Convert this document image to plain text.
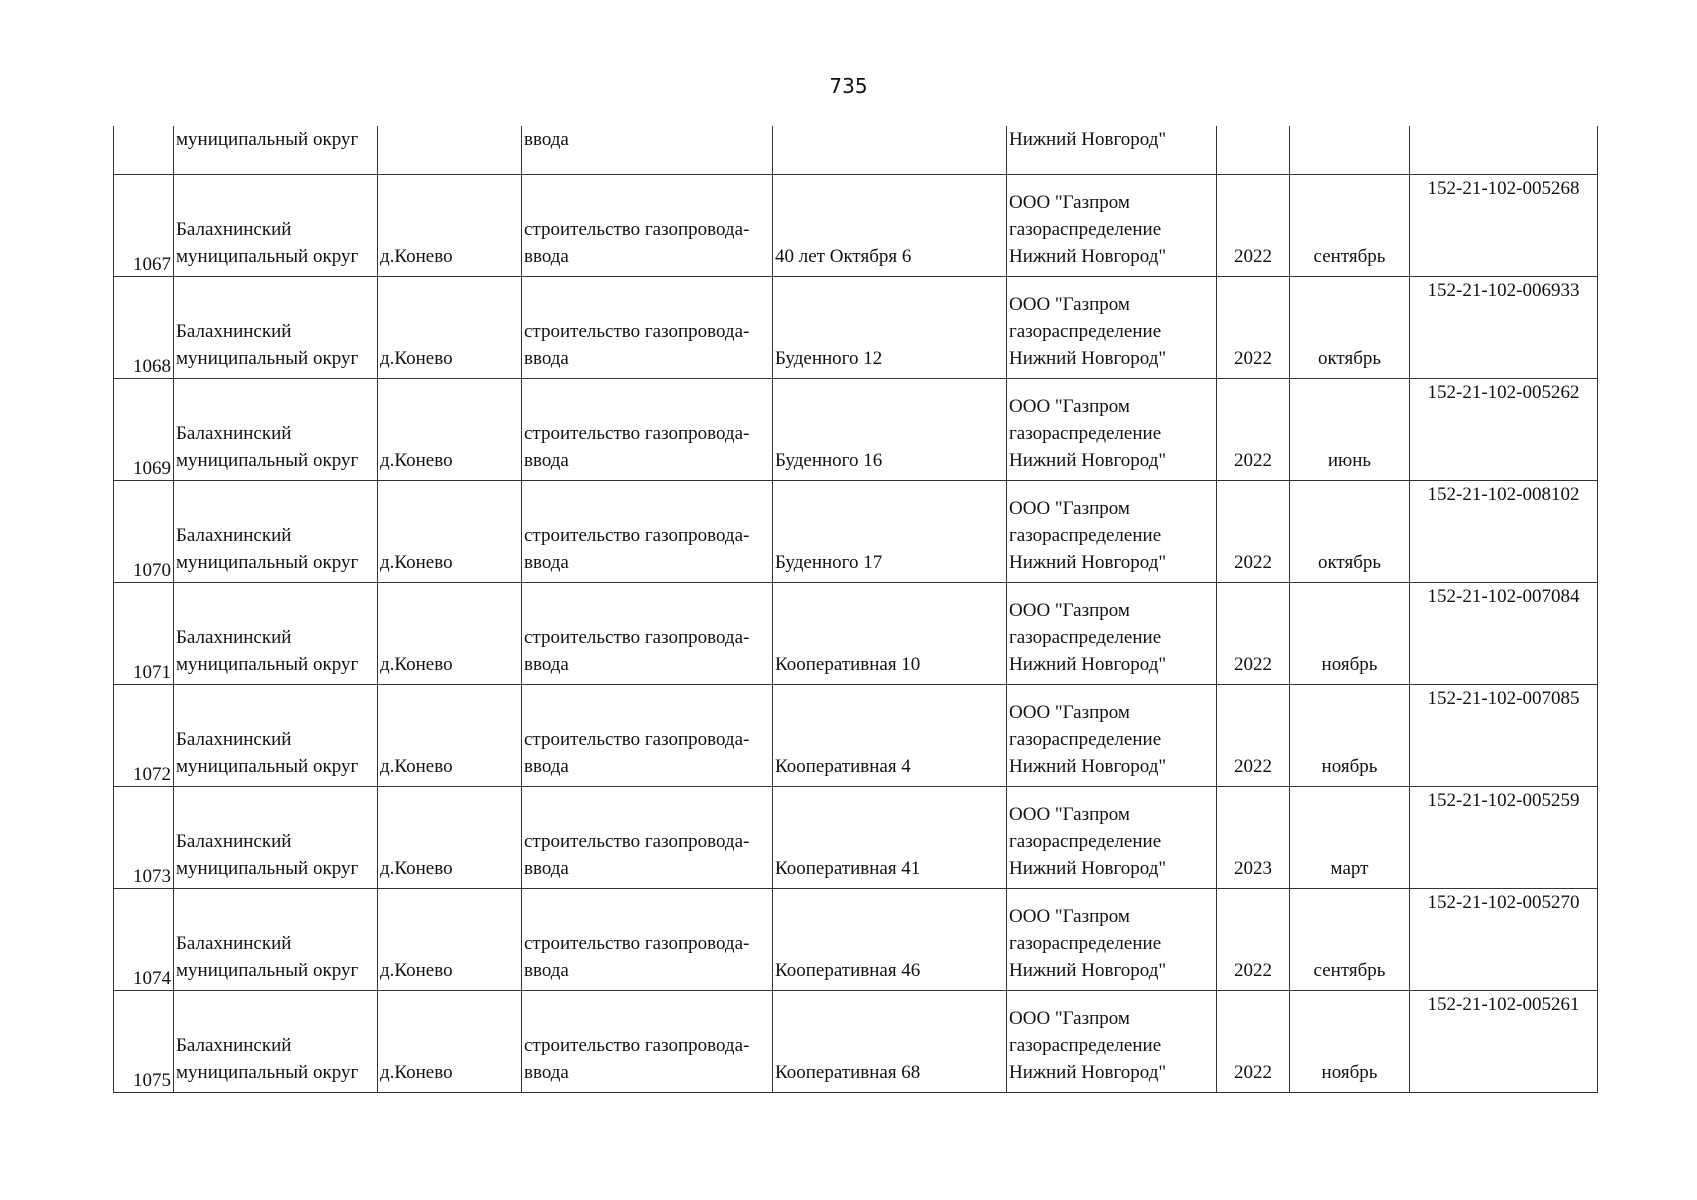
735
	муниципальный округ		ввода		Нижний Новгород"			

1067	Балахнинский
муниципальный округ	д.Конево	строительство газопровода-
ввода	40 лет Октября 6	ООО "Газпром
газораспределение
Нижний Новгород"	2022	сентябрь	152-21-102-005268

1068	Балахнинский
муниципальный округ	д.Конево	строительство газопровода-
ввода	Буденного 12	ООО "Газпром
газораспределение
Нижний Новгород"	2022	октябрь	152-21-102-006933

1069	Балахнинский
муниципальный округ	д.Конево	строительство газопровода-
ввода	Буденного 16	ООО "Газпром
газораспределение
Нижний Новгород"	2022	июнь	152-21-102-005262

1070	Балахнинский
муниципальный округ	д.Конево	строительство газопровода-
ввода	Буденного 17	ООО "Газпром
газораспределение
Нижний Новгород"	2022	октябрь	152-21-102-008102

1071	Балахнинский
муниципальный округ	д.Конево	строительство газопровода-
ввода	Кооперативная 10	ООО "Газпром
газораспределение
Нижний Новгород"	2022	ноябрь	152-21-102-007084

1072	Балахнинский
муниципальный округ	д.Конево	строительство газопровода-
ввода	Кооперативная 4	ООО "Газпром
газораспределение
Нижний Новгород"	2022	ноябрь	152-21-102-007085

1073	Балахнинский
муниципальный округ	д.Конево	строительство газопровода-
ввода	Кооперативная 41	ООО "Газпром
газораспределение
Нижний Новгород"	2023	март	152-21-102-005259

1074	Балахнинский
муниципальный округ	д.Конево	строительство газопровода-
ввода	Кооперативная 46	ООО "Газпром
газораспределение
Нижний Новгород"	2022	сентябрь	152-21-102-005270

1075	Балахнинский
муниципальный округ	д.Конево	строительство газопровода-
ввода	Кооперативная 68	ООО "Газпром
газораспределение
Нижний Новгород"	2022	ноябрь	152-21-102-005261
